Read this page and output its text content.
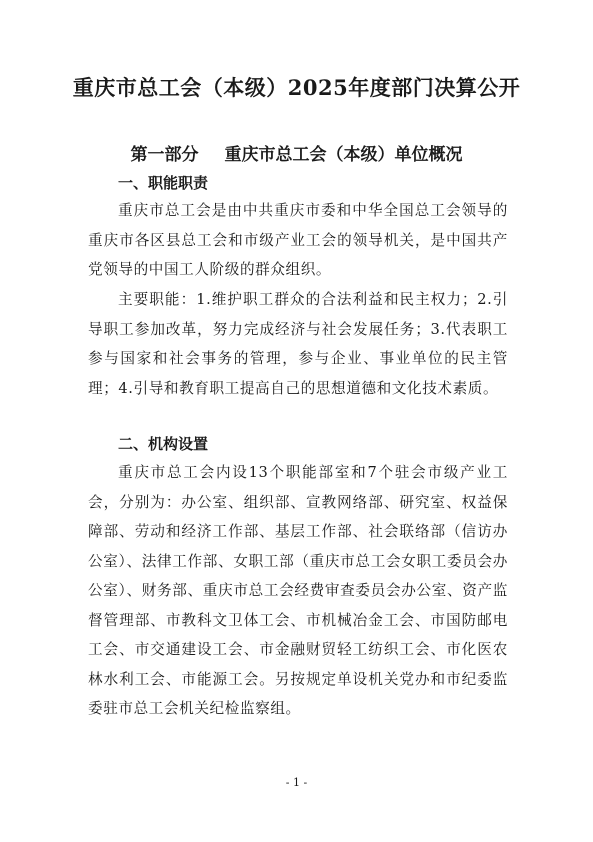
重庆市总工会（本级）2025年度部门决算公开
第一部分 重庆市总工会（本级）单位概况
一、职能职责

重庆市总工会是由中共重庆市委和中华全国总工会领导的重庆市各区县总工会和市级产业工会的领导机关，是中国共产党领导的中国工人阶级的群众组织。

主要职能：1.维护职工群众的合法利益和民主权力；2.引导职工参加改革，努力完成经济与社会发展任务；3.代表职工参与国家和社会事务的管理，参与企业、事业单位的民主管理；4.引导和教育职工提高自己的思想道德和文化技术素质。

二、机构设置

重庆市总工会内设13个职能部室和7个驻会市级产业工会，分别为：办公室、组织部、宣教网络部、研究室、权益保障部、劳动和经济工作部、基层工作部、社会联络部（信访办公室）、法律工作部、女职工部（重庆市总工会女职工委员会办公室）、财务部、重庆市总工会经费审查委员会办公室、资产监督管理部、市教科文卫体工会、市机械冶金工会、市国防邮电工会、市交通建设工会、市金融财贸轻工纺织工会、市化医农林水利工会、市能源工会。另按规定单设机关党办和市纪委监委驻市总工会机关纪检监察组。

- 1 -
